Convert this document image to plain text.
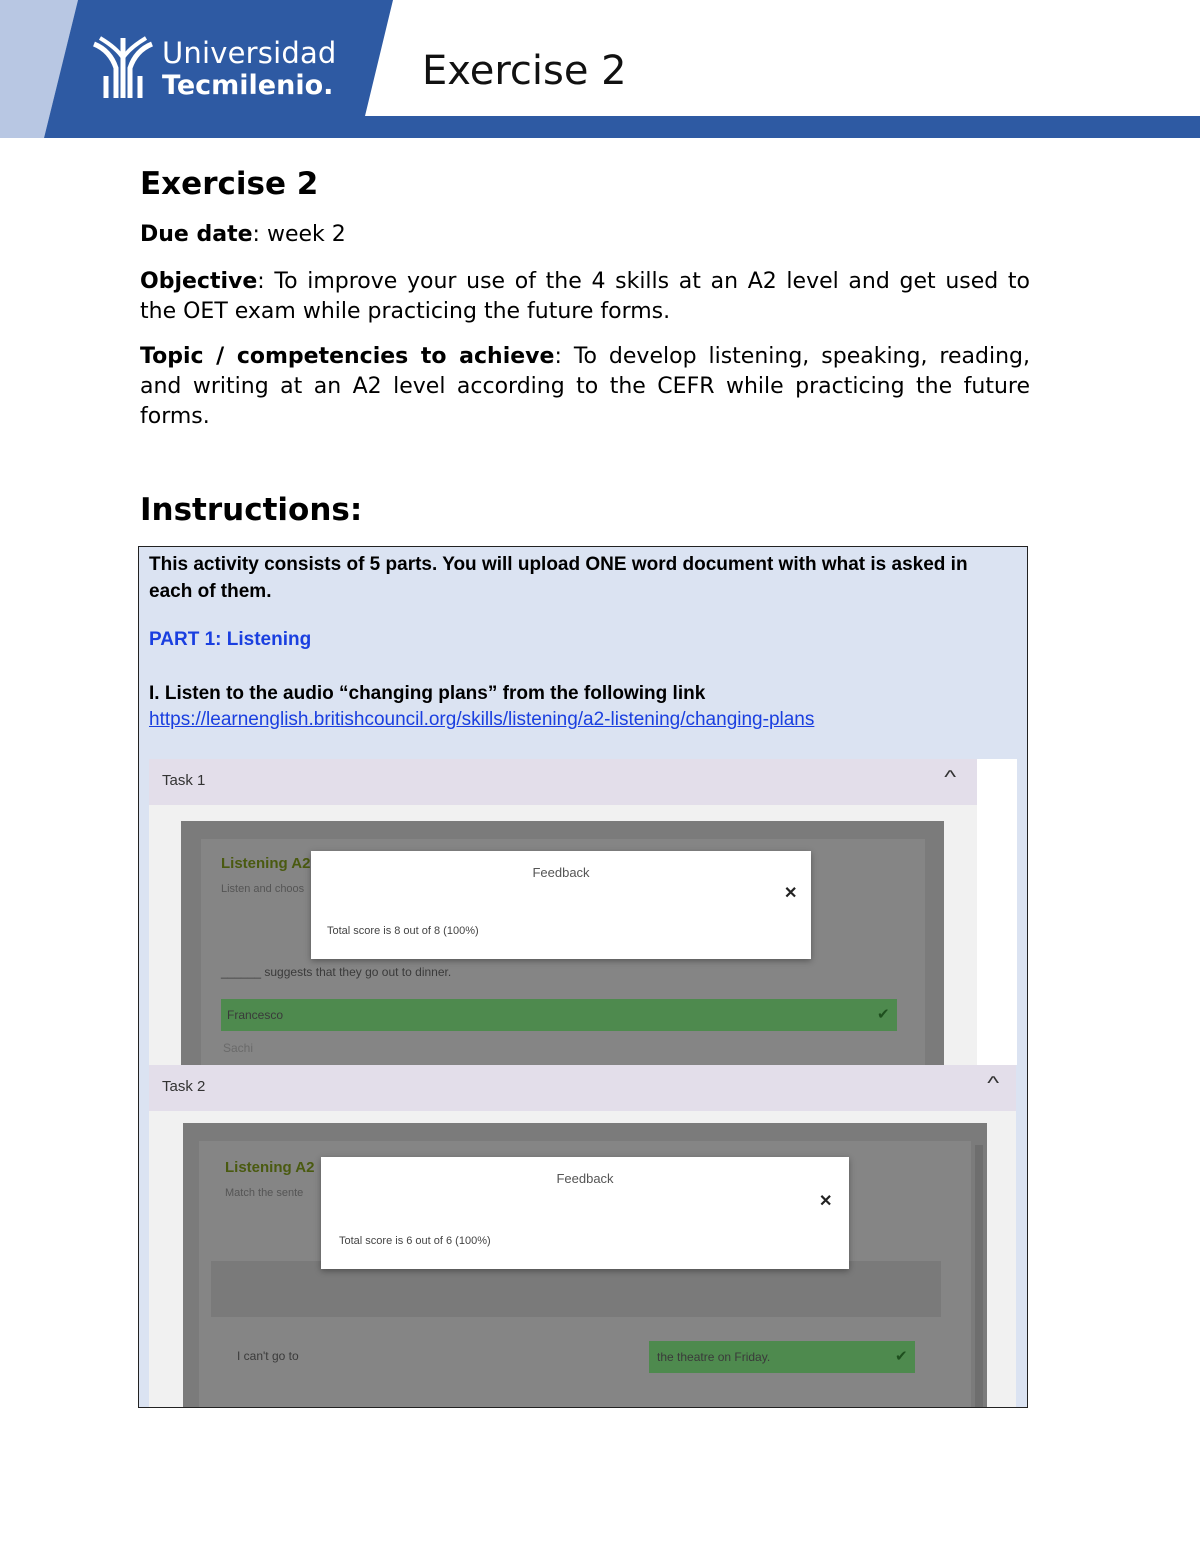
Universidad
Tecmilenio. Exercise 2
Exercise 2
Due date: week 2
Objective: To improve your use of the 4 skills at an A2 level and get used to the OET exam while practicing the future forms.
Topic / competencies to achieve: To develop listening, speaking, reading, and writing at an A2 level according to the CEFR while practicing the future forms.
Instructions:
This activity consists of 5 parts. You will upload ONE word document with what is asked in each of them.
PART 1: Listening
I. Listen to the audio “changing plans” from the following link
https://learnenglish.britishcouncil.org/skills/listening/a2-listening/changing-plans
Task 1	^
Listening A2
Listen and choos
______ suggests that they go out to dinner.
Francesco	✔
Sachi
Feedback
✕
Total score is 8 out of 8 (100%)
Task 2	^
Listening A2
Match the sente
I can't go to	the theatre on Friday.	✔
Feedback
✕
Total score is 6 out of 6 (100%)
